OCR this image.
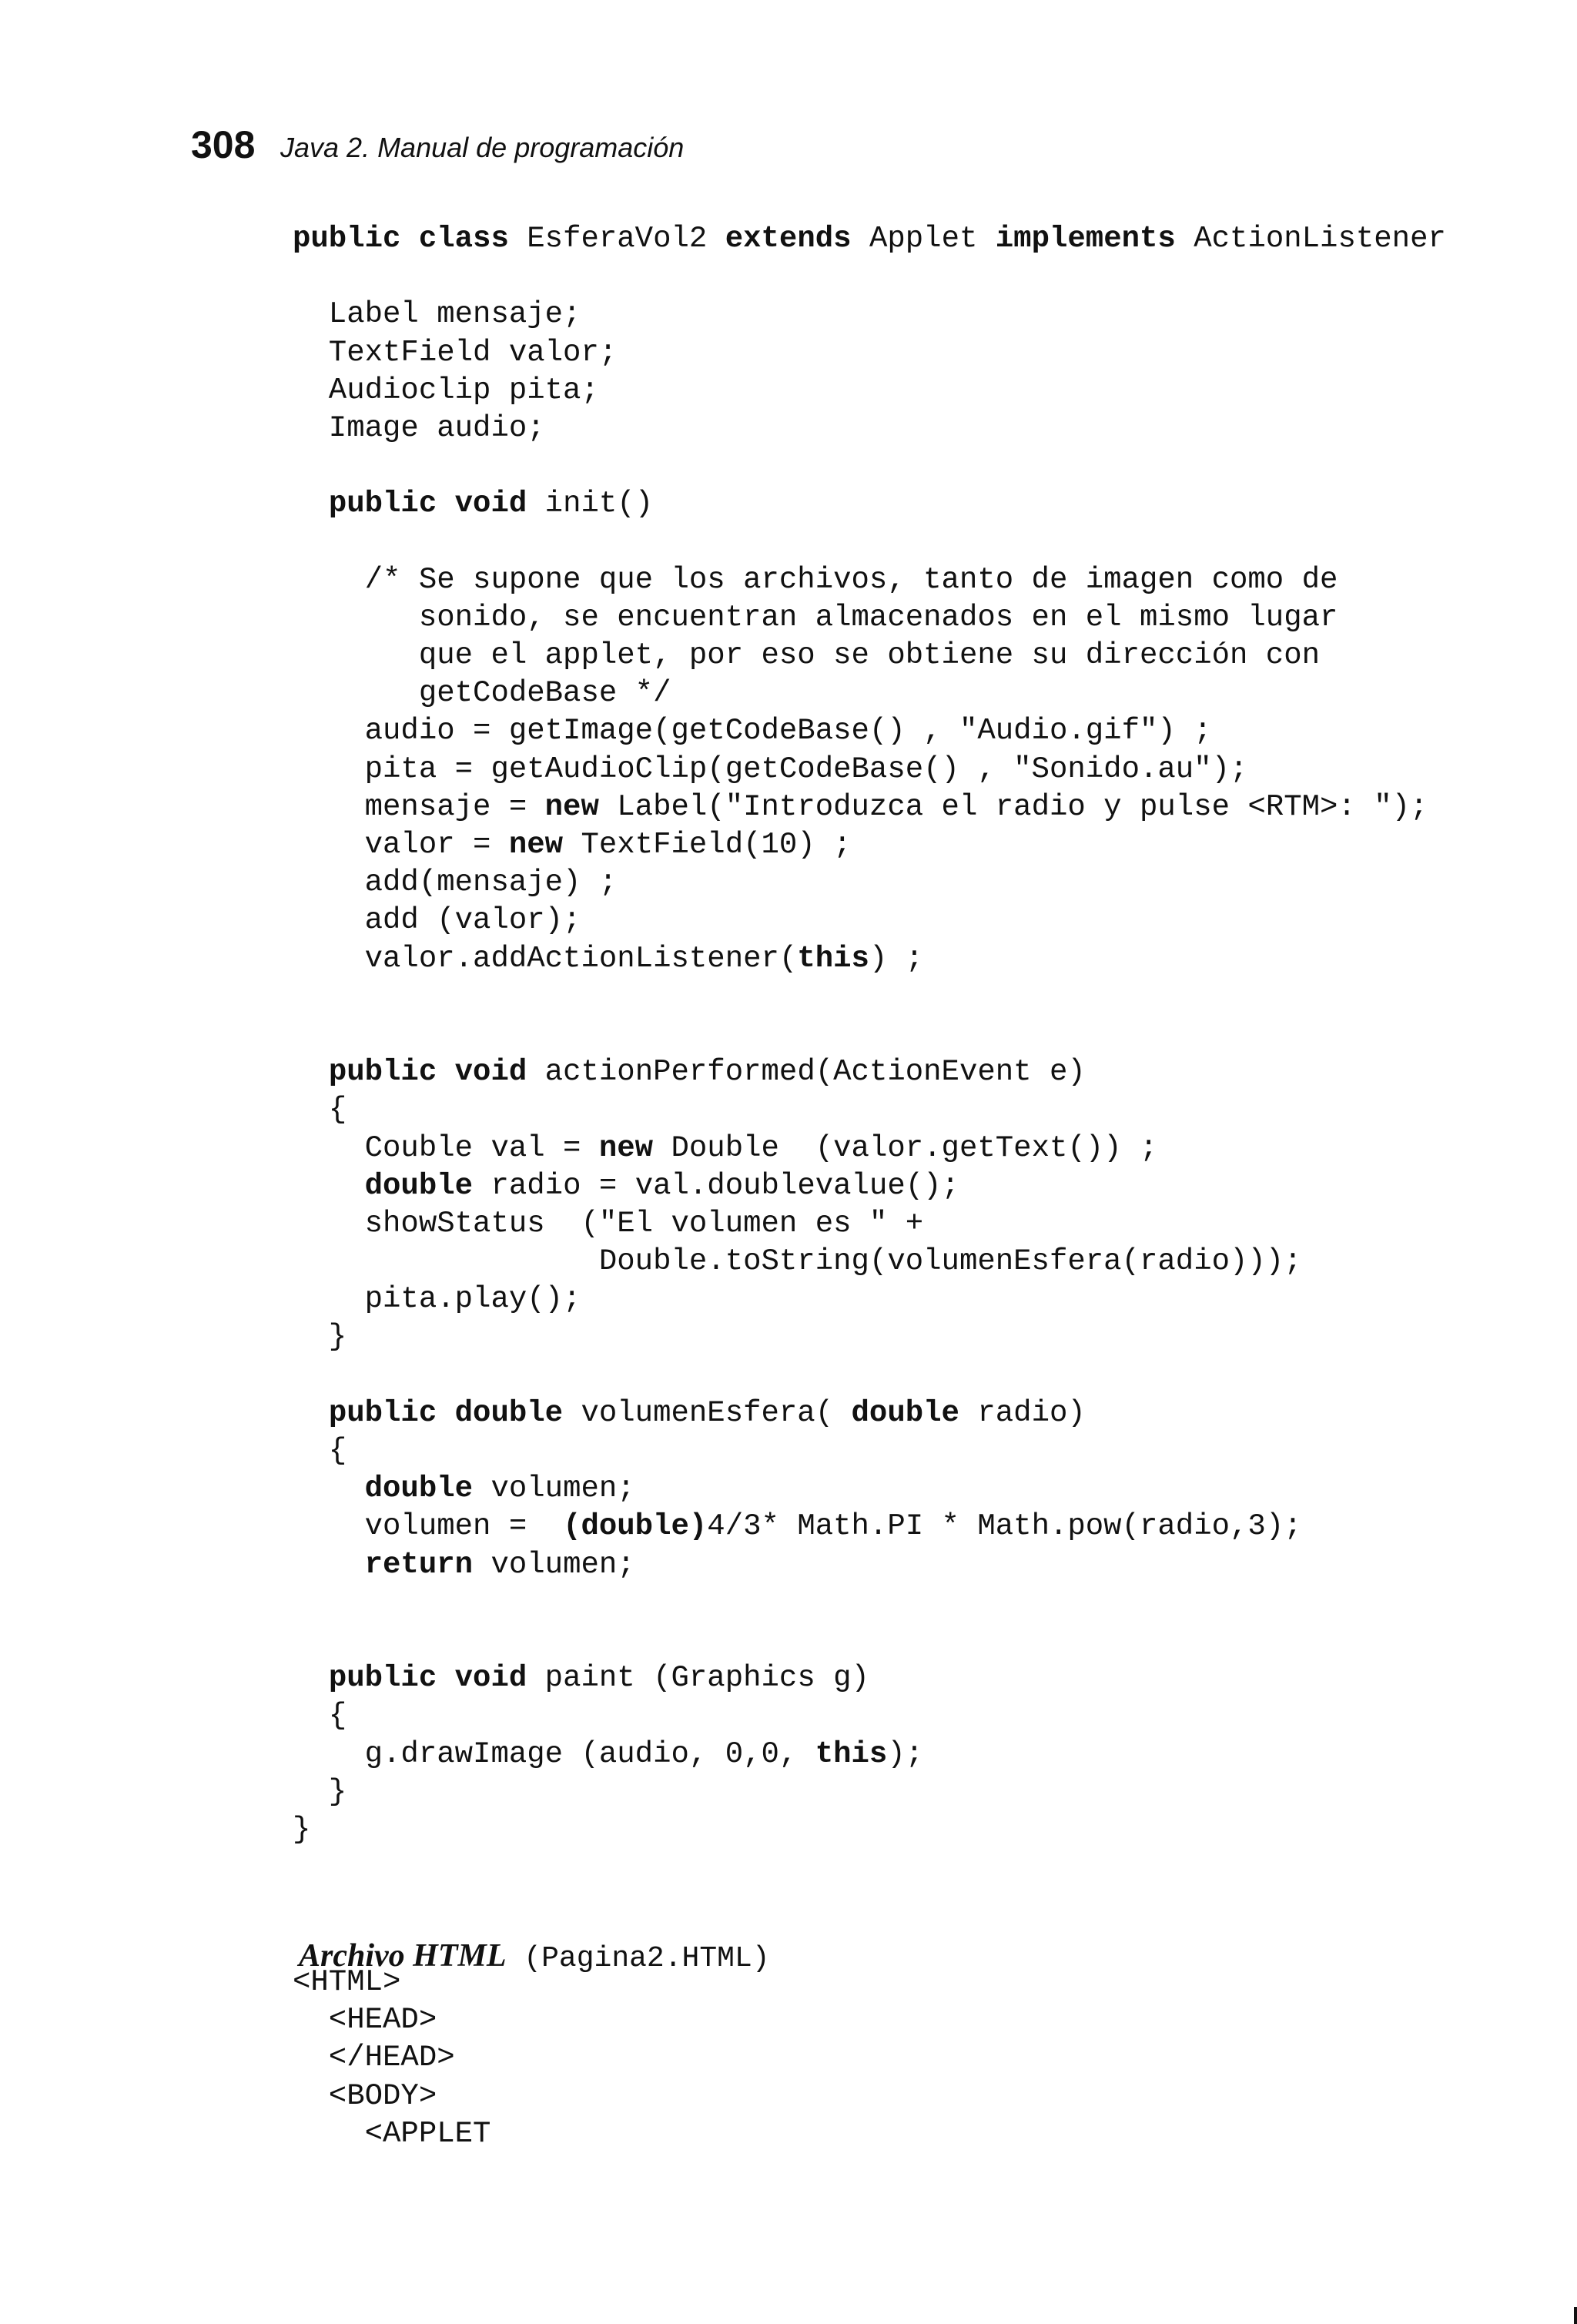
308 Java 2. Manual de programación
public class EsferaVol2 extends Applet implements ActionListener
Label mensaje;
TextField valor;
Audioclip pita;
Image audio;
public void init()
/* Se supone que los archivos, tanto de imagen como de
sonido, se encuentran almacenados en el mismo lugar
que el applet, por eso se obtiene su dirección con
getCodeBase */
audio = getImage(getCodeBase() , "Audio.gif") ;
pita = getAudioClip(getCodeBase() , "Sonido.au");
mensaje = new Label("Introduzca el radio y pulse <RTM>: ");
valor = new TextField(10) ;
add(mensaje) ;
add (valor);
valor.addActionListener(this) ;
public void actionPerformed(ActionEvent e)
{
Couble val = new Double  (valor.getText()) ;
double radio = val.doublevalue();
showStatus  ("El volumen es " +
Double.toString(volumenEsfera(radio)));
pita.play();
}
public double volumenEsfera( double radio)
{
double volumen;
volumen =  (double)4/3* Math.PI * Math.pow(radio,3);
return volumen;
public void paint (Graphics g)
{
g.drawImage (audio, 0,0, this);
}
}

Archivo HTML (Pagina2.HTML)

<HTML>
<HEAD>
</HEAD>
<BODY>
<APPLET
